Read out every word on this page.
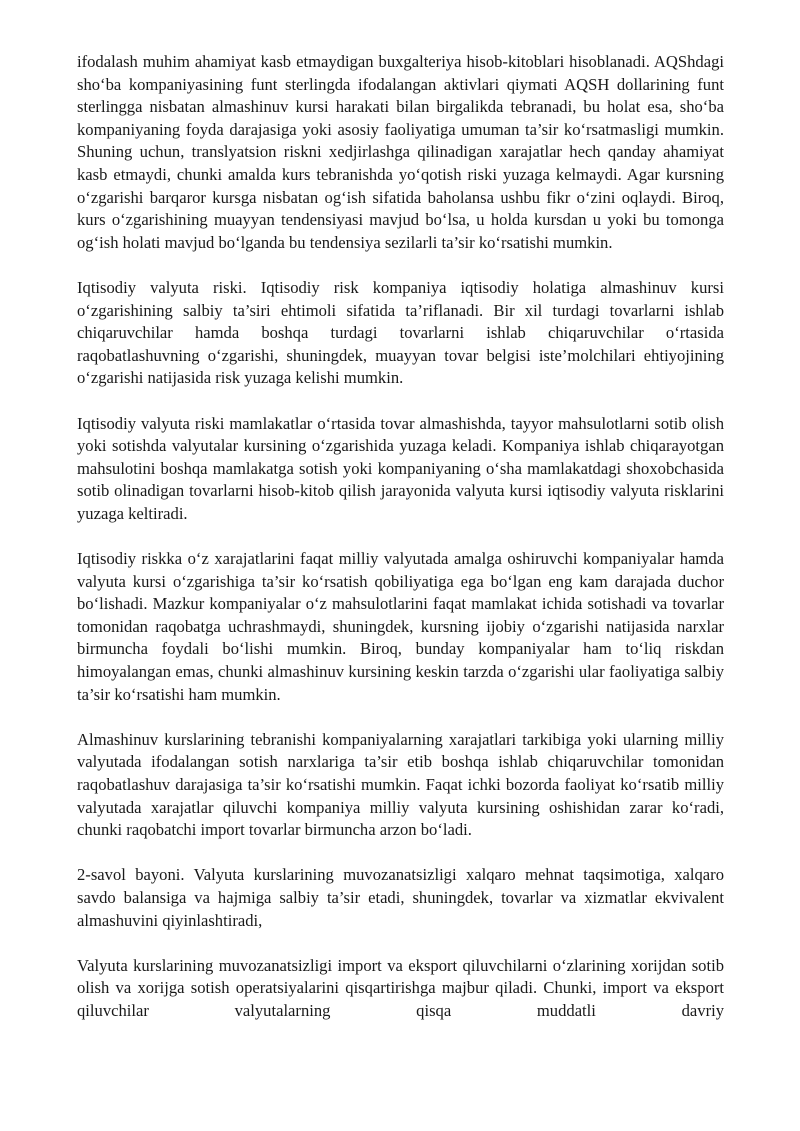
ifodalash muhim ahamiyat kasb etmaydigan buxgalteriya hisob-kitoblari hisoblanadi. AQShdagi sho‘ba kompaniyasining funt sterlingda ifodalangan aktivlari qiymati AQSH dollarining funt sterlingga nisbatan almashinuv kursi harakati bilan birgalikda tebranadi, bu holat esa, sho‘ba kompaniyaning foyda darajasiga yoki asosiy faoliyatiga umuman ta’sir ko‘rsatmasligi mumkin. Shuning uchun, translyatsion riskni xedjirlashga qilinadigan xarajatlar hech qanday ahamiyat kasb etmaydi, chunki amalda kurs tebranishda yo‘qotish riski yuzaga kelmaydi. Agar kursning o‘zgarishi barqaror kursga nisbatan og‘ish sifatida baholansa ushbu fikr o‘zini oqlaydi. Biroq, kurs o‘zgarishining muayyan tendensiyasi mavjud bo‘lsa, u holda kursdan u yoki bu tomonga og‘ish holati mavjud bo‘lganda bu tendensiya sezilarli ta’sir ko‘rsatishi mumkin.

Iqtisodiy valyuta riski. Iqtisodiy risk kompaniya iqtisodiy holatiga almashinuv kursi o‘zgarishining salbiy ta’siri ehtimoli sifatida ta’riflanadi. Bir xil turdagi tovarlarni ishlab chiqaruvchilar hamda boshqa turdagi tovarlarni ishlab chiqaruvchilar o‘rtasida raqobatlashuvning o‘zgarishi, shuningdek, muayyan tovar belgisi iste’molchilari ehtiyojining o‘zgarishi natijasida risk yuzaga kelishi mumkin.

Iqtisodiy valyuta riski mamlakatlar o‘rtasida tovar almashishda, tayyor mahsulotlarni sotib olish yoki sotishda valyutalar kursining o‘zgarishida yuzaga keladi. Kompaniya ishlab chiqarayotgan mahsulotini boshqa mamlakatga sotish yoki kompaniyaning o‘sha mamlakatdagi shoxobchasida sotib olinadigan tovarlarni hisob-kitob qilish jarayonida valyuta kursi iqtisodiy valyuta risklarini yuzaga keltiradi.

Iqtisodiy riskka o‘z xarajatlarini faqat milliy valyutada amalga oshiruvchi kompaniyalar hamda valyuta kursi o‘zgarishiga ta’sir ko‘rsatish qobiliyatiga ega bo‘lgan eng kam darajada duchor bo‘lishadi. Mazkur kompaniyalar o‘z mahsulotlarini faqat mamlakat ichida sotishadi va tovarlar tomonidan raqobatga uchrashmaydi, shuningdek, kursning ijobiy o‘zgarishi natijasida narxlar birmuncha foydali bo‘lishi mumkin. Biroq, bunday kompaniyalar ham to‘liq riskdan himoyalangan emas, chunki almashinuv kursining keskin tarzda o‘zgarishi ular faoliyatiga salbiy ta’sir ko‘rsatishi ham mumkin.

Almashinuv kurslarining tebranishi kompaniyalarning xarajatlari tarkibiga yoki ularning milliy valyutada ifodalangan sotish narxlariga ta’sir etib boshqa ishlab chiqaruvchilar tomonidan raqobatlashuv darajasiga ta’sir ko‘rsatishi mumkin. Faqat ichki bozorda faoliyat ko‘rsatib milliy valyutada xarajatlar qiluvchi kompaniya milliy valyuta kursining oshishidan zarar ko‘radi, chunki raqobatchi import tovarlar birmuncha arzon bo‘ladi.

2-savol bayoni. Valyuta kurslarining muvozanatsizligi xalqaro mehnat taqsimotiga, xalqaro savdo balansiga va hajmiga salbiy ta’sir etadi, shuningdek, tovarlar va xizmatlar ekvivalent almashuvini qiyinlashtiradi,

Valyuta kurslarining muvozanatsizligi import va eksport qiluvchilarni o‘zlarining xorijdan sotib olish va xorijga sotish operatsiyalarini qisqartirishga majbur qiladi. Chunki, import va eksport qiluvchilar valyutalarning qisqa muddatli davriy
